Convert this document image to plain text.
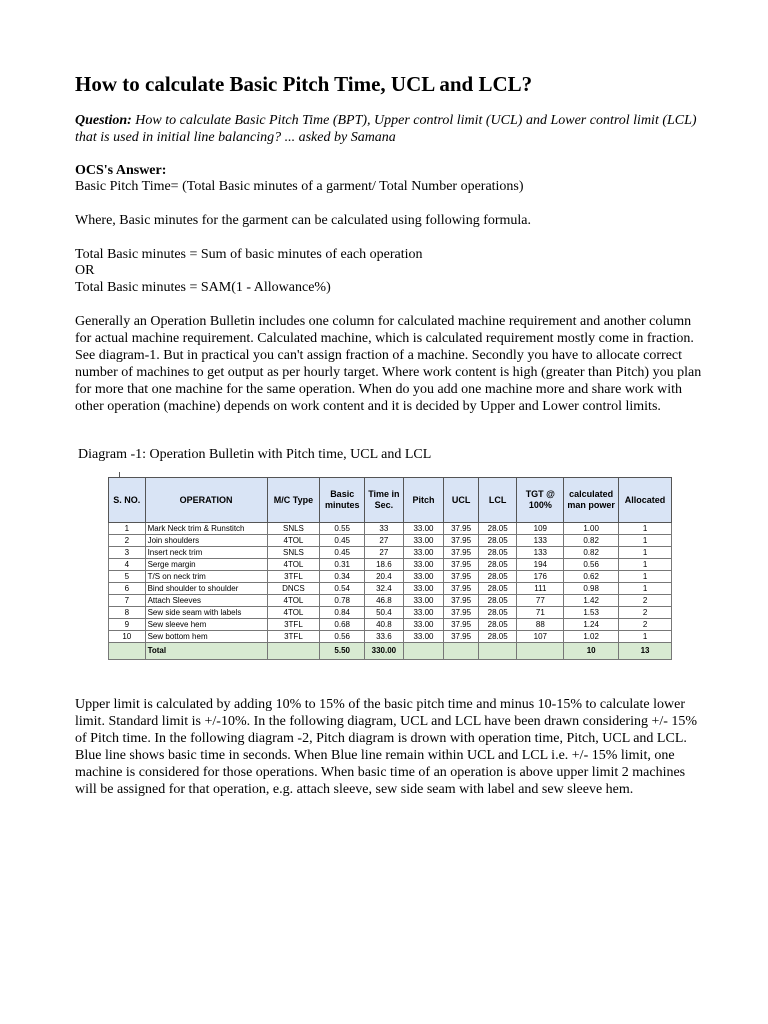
How to calculate Basic Pitch Time, UCL and LCL?

Question: How to calculate Basic Pitch Time (BPT), Upper control limit (UCL) and Lower control limit (LCL) that is used in initial line balancing? ... asked by Samana

OCS's Answer:

Basic Pitch Time= (Total Basic minutes of a garment/ Total Number operations)

Where, Basic minutes for the garment can be calculated using following formula.

Total Basic minutes = Sum of basic minutes of each operation

OR

Total Basic minutes = SAM(1 - Allowance%)

Generally an Operation Bulletin includes one column for calculated machine requirement and another column for actual machine requirement. Calculated machine, which is calculated requirement mostly come in fraction. See diagram-1. But in practical you can't assign fraction of a machine. Secondly you have to allocate correct number of machines to get output as per hourly target. Where work content is high (greater than Pitch) you plan for more that one machine for the same operation. When do you add one machine more and share work with other operation (machine) depends on work content and it is decided by Upper and Lower control limits.

Diagram -1: Operation Bulletin with Pitch time, UCL and LCL

Upper limit is calculated by adding 10% to 15% of the basic pitch time and minus 10-15% to calculate lower limit. Standard limit is +/-10%. In the following diagram, UCL and LCL have been drawn considering +/- 15% of Pitch time. In the following diagram -2, Pitch diagram is drown with operation time, Pitch, UCL and LCL. Blue line shows basic time in seconds. When Blue line remain within UCL and LCL i.e. +/- 15% limit, one machine is considered for those operations. When basic time of an operation is above upper limit 2 machines will be assigned for that operation, e.g. attach sleeve, sew side seam with label and sew sleeve hem.

S. NO.	OPERATION	M/C Type	Basic minutes	Time in Sec.	Pitch	UCL	LCL	TGT @ 100%	calculated man power	Allocated
1	Mark Neck trim & Runstitch	SNLS	0.55	33	33.00	37.95	28.05	109	1.00	1
2	Join shoulders	4TOL	0.45	27	33.00	37.95	28.05	133	0.82	1
3	Insert neck trim	SNLS	0.45	27	33.00	37.95	28.05	133	0.82	1
4	Serge margin	4TOL	0.31	18.6	33.00	37.95	28.05	194	0.56	1
5	T/S on neck trim	3TFL	0.34	20.4	33.00	37.95	28.05	176	0.62	1
6	Bind shoulder to shoulder	DNCS	0.54	32.4	33.00	37.95	28.05	111	0.98	1
7	Attach Sleeves	4TOL	0.78	46.8	33.00	37.95	28.05	77	1.42	2
8	Sew side seam with labels	4TOL	0.84	50.4	33.00	37.95	28.05	71	1.53	2
9	Sew sleeve hem	3TFL	0.68	40.8	33.00	37.95	28.05	88	1.24	2
10	Sew bottom hem	3TFL	0.56	33.6	33.00	37.95	28.05	107	1.02	1
	Total		5.50	330.00					10	13
